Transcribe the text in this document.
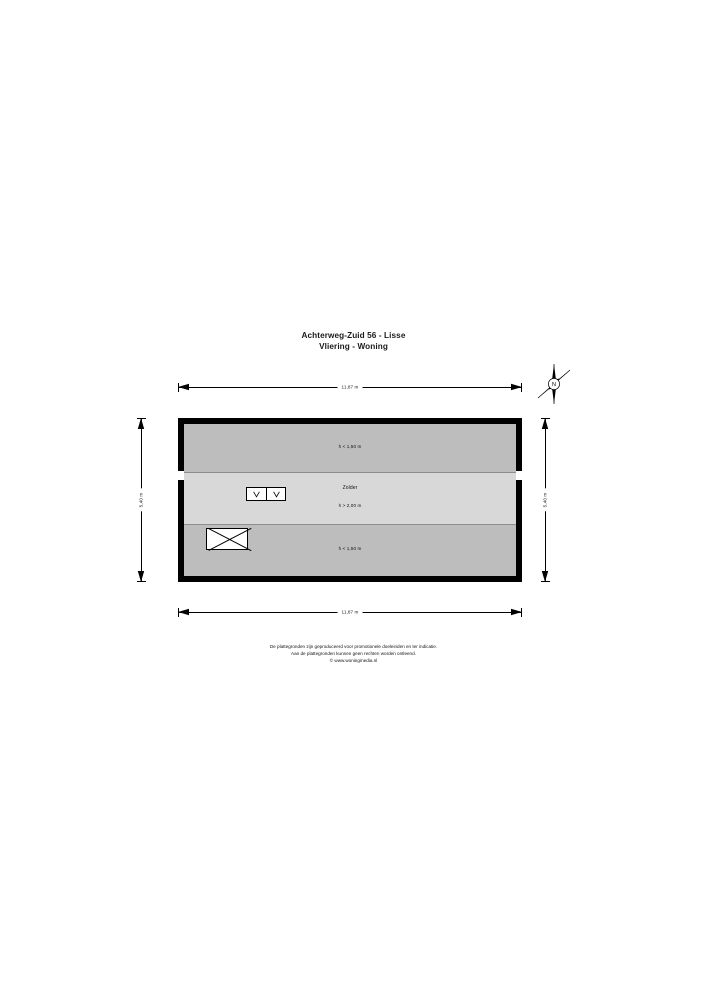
Achterweg-Zuid 56 - Lisse
Vliering - Woning
N
11,87 m
11,87 m
5,40 m	5,40 m
h < 1,50 m
Zolder
h > 2,00 m
h < 1,50 m
De plattegronden zijn geproduceerd voor promotionele doeleinden en ter indicatie.
Aan de plattegronden kunnen geen rechten worden ontleend.
© www.woningmedia.nl
